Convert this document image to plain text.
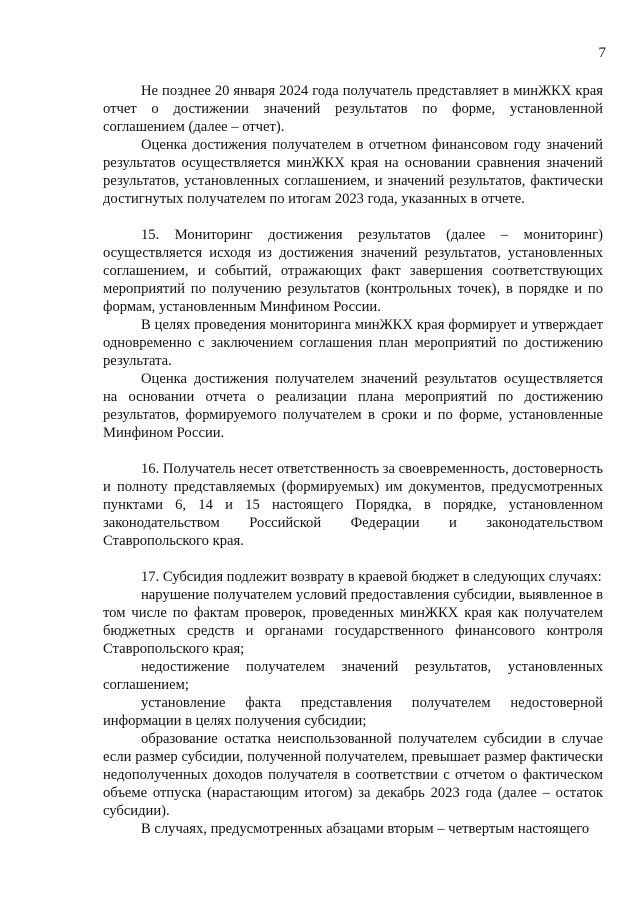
7

Не позднее 20 января 2024 года получатель представляет в минЖКХ края отчет о достижении значений результатов по форме, установленной соглашением (далее – отчет).

Оценка достижения получателем в отчетном финансовом году значений результатов осуществляется минЖКХ края на основании сравнения значений результатов, установленных соглашением, и значений результатов, фактически достигнутых получателем по итогам 2023 года, указанных в отчете.

15. Мониторинг достижения результатов (далее – мониторинг) осуществляется исходя из достижения значений результатов, установленных соглашением, и событий, отражающих факт завершения соответствующих мероприятий по получению результатов (контрольных точек), в порядке и по формам, установленным Минфином России.

В целях проведения мониторинга минЖКХ края формирует и утверждает одновременно с заключением соглашения план мероприятий по достижению результата.

Оценка достижения получателем значений результатов осуществляется на основании отчета о реализации плана мероприятий по достижению результатов, формируемого получателем в сроки и по форме, установленные Минфином России.

16. Получатель несет ответственность за своевременность, достоверность и полноту представляемых (формируемых) им документов, предусмотренных пунктами 6, 14 и 15 настоящего Порядка, в порядке, установленном законодательством Российской Федерации и законодательством Ставропольского края.

17. Субсидия подлежит возврату в краевой бюджет в следующих случаях:

нарушение получателем условий предоставления субсидии, выявленное в том числе по фактам проверок, проведенных минЖКХ края как получателем бюджетных средств и органами государственного финансового контроля Ставропольского края;

недостижение получателем значений результатов, установленных соглашением;

установление факта представления получателем недостоверной информации в целях получения субсидии;

образование остатка неиспользованной получателем субсидии в случае если размер субсидии, полученной получателем, превышает размер фактически недополученных доходов получателя в соответствии с отчетом о фактическом объеме отпуска (нарастающим итогом) за декабрь 2023 года (далее – остаток субсидии).

В случаях, предусмотренных абзацами вторым – четвертым настоящего
